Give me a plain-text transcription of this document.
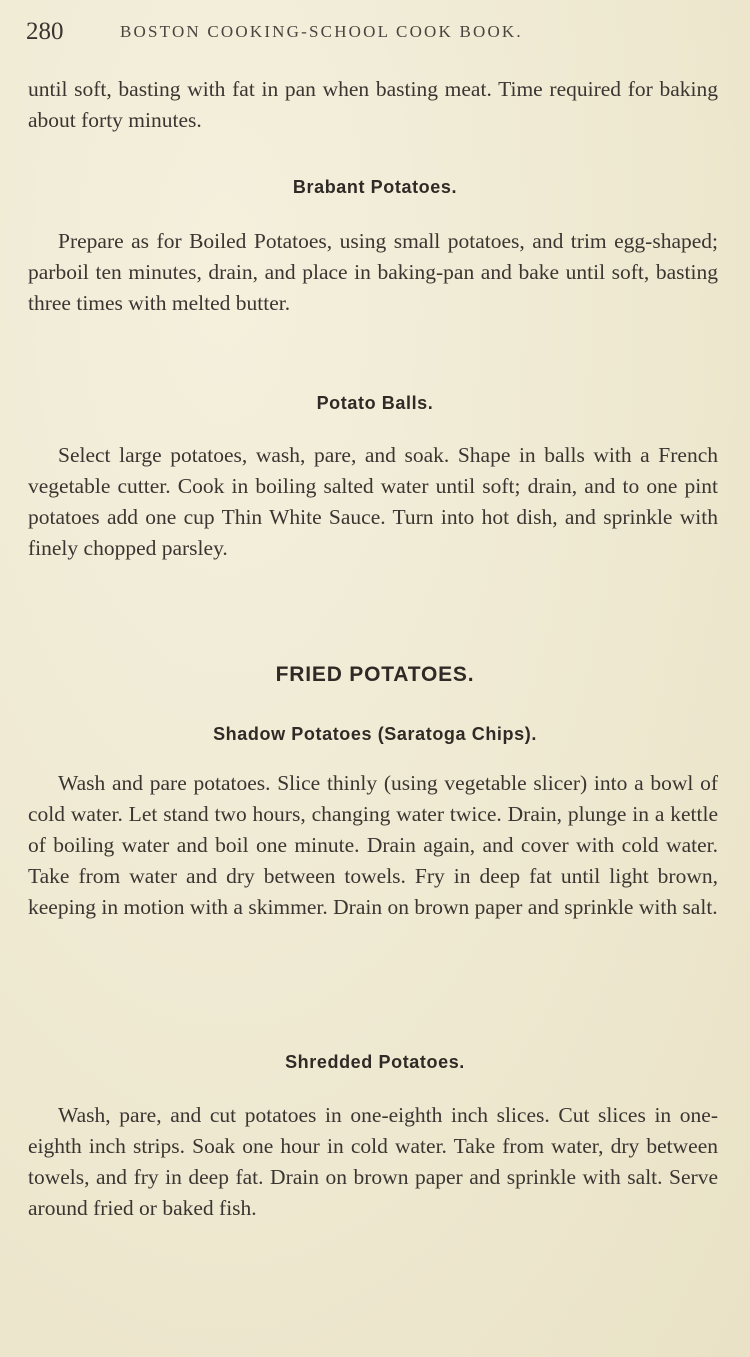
280	BOSTON COOKING-SCHOOL COOK BOOK.

until soft, basting with fat in pan when basting meat. Time required for baking about forty minutes.

Brabant Potatoes.

Prepare as for Boiled Potatoes, using small potatoes, and trim egg-shaped; parboil ten minutes, drain, and place in baking-pan and bake until soft, basting three times with melted butter.

Potato Balls.

Select large potatoes, wash, pare, and soak. Shape in balls with a French vegetable cutter. Cook in boiling salted water until soft; drain, and to one pint potatoes add one cup Thin White Sauce. Turn into hot dish, and sprinkle with finely chopped parsley.

FRIED POTATOES.
Shadow Potatoes (Saratoga Chips).

Wash and pare potatoes. Slice thinly (using vegetable slicer) into a bowl of cold water. Let stand two hours, changing water twice. Drain, plunge in a kettle of boiling water and boil one minute. Drain again, and cover with cold water. Take from water and dry between towels. Fry in deep fat until light brown, keeping in motion with a skimmer. Drain on brown paper and sprinkle with salt.

Shredded Potatoes.

Wash, pare, and cut potatoes in one-eighth inch slices. Cut slices in one-eighth inch strips. Soak one hour in cold water. Take from water, dry between towels, and fry in deep fat. Drain on brown paper and sprinkle with salt. Serve around fried or baked fish.
